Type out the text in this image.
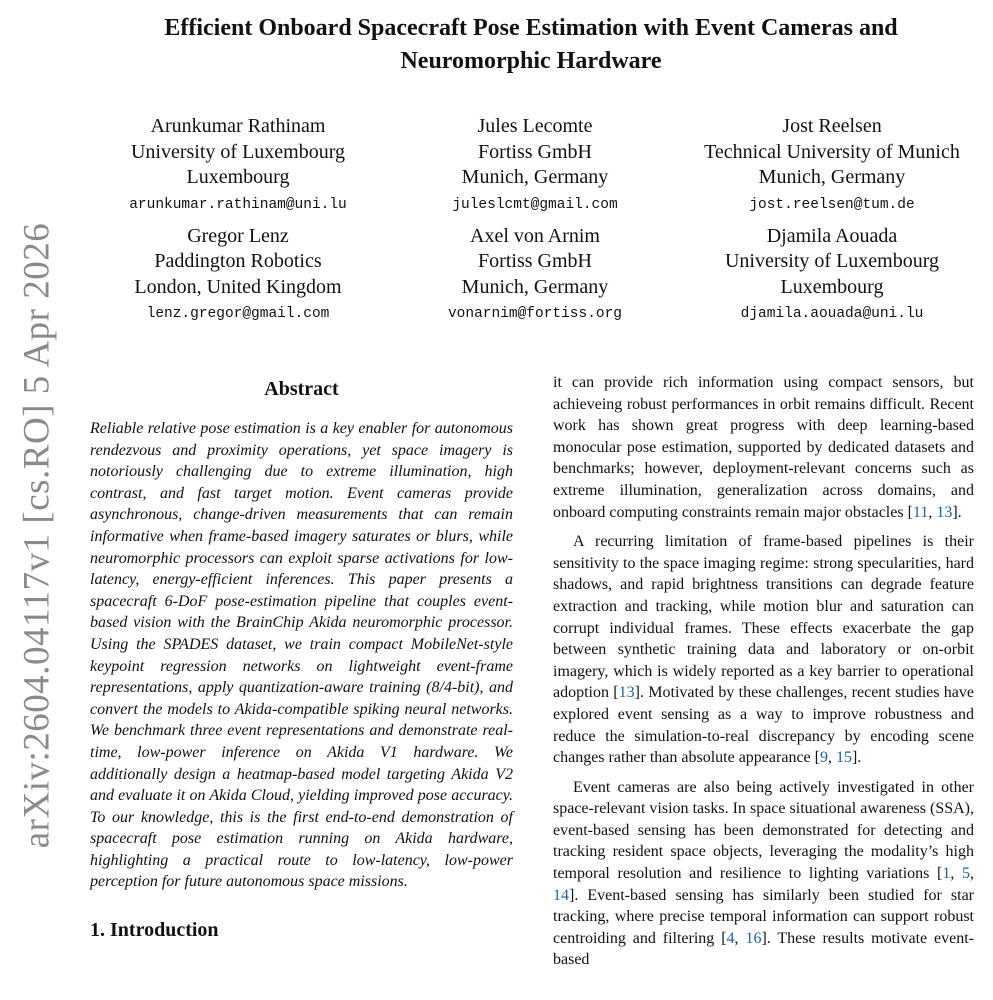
arXiv:2604.04117v1 [cs.RO] 5 Apr 2026
Efficient Onboard Spacecraft Pose Estimation with Event Cameras and Neuromorphic Hardware
Arunkumar Rathinam
University of Luxembourg
Luxembourg
arunkumar.rathinam@uni.lu
Jules Lecomte
Fortiss GmbH
Munich, Germany
juleslcmt@gmail.com
Jost Reelsen
Technical University of Munich
Munich, Germany
jost.reelsen@tum.de
Gregor Lenz
Paddington Robotics
London, United Kingdom
lenz.gregor@gmail.com
Axel von Arnim
Fortiss GmbH
Munich, Germany
vonarnim@fortiss.org
Djamila Aouada
University of Luxembourg
Luxembourg
djamila.aouada@uni.lu
Abstract

Reliable relative pose estimation is a key enabler for autonomous rendezvous and proximity operations, yet space imagery is notoriously challenging due to extreme illumination, high contrast, and fast target motion. Event cameras provide asynchronous, change-driven measurements that can remain informative when frame-based imagery saturates or blurs, while neuromorphic processors can exploit sparse activations for low-latency, energy-efficient inferences. This paper presents a spacecraft 6-DoF pose-estimation pipeline that couples event-based vision with the BrainChip Akida neuromorphic processor. Using the SPADES dataset, we train compact MobileNet-style keypoint regression networks on lightweight event-frame representations, apply quantization-aware training (8/4-bit), and convert the models to Akida-compatible spiking neural networks. We benchmark three event representations and demonstrate real-time, low-power inference on Akida V1 hardware. We additionally design a heatmap-based model targeting Akida V2 and evaluate it on Akida Cloud, yielding improved pose accuracy. To our knowledge, this is the first end-to-end demonstration of spacecraft pose estimation running on Akida hardware, highlighting a practical route to low-latency, low-power perception for future autonomous space missions.

1. Introduction

it can provide rich information using compact sensors, but achieveing robust performances in orbit remains difficult. Recent work has shown great progress with deep learning-based monocular pose estimation, supported by dedicated datasets and benchmarks; however, deployment-relevant concerns such as extreme illumination, generalization across domains, and onboard computing constraints remain major obstacles [11, 13].

A recurring limitation of frame-based pipelines is their sensitivity to the space imaging regime: strong specularities, hard shadows, and rapid brightness transitions can degrade feature extraction and tracking, while motion blur and saturation can corrupt individual frames. These effects exacerbate the gap between synthetic training data and laboratory or on-orbit imagery, which is widely reported as a key barrier to operational adoption [13]. Motivated by these challenges, recent studies have explored event sensing as a way to improve robustness and reduce the simulation-to-real discrepancy by encoding scene changes rather than absolute appearance [9, 15].

Event cameras are also being actively investigated in other space-relevant vision tasks. In space situational awareness (SSA), event-based sensing has been demonstrated for detecting and tracking resident space objects, leveraging the modality’s high temporal resolution and resilience to lighting variations [1, 5, 14]. Event-based sensing has similarly been studied for star tracking, where precise temporal information can support robust centroiding and filtering [4, 16]. These results motivate event-based
